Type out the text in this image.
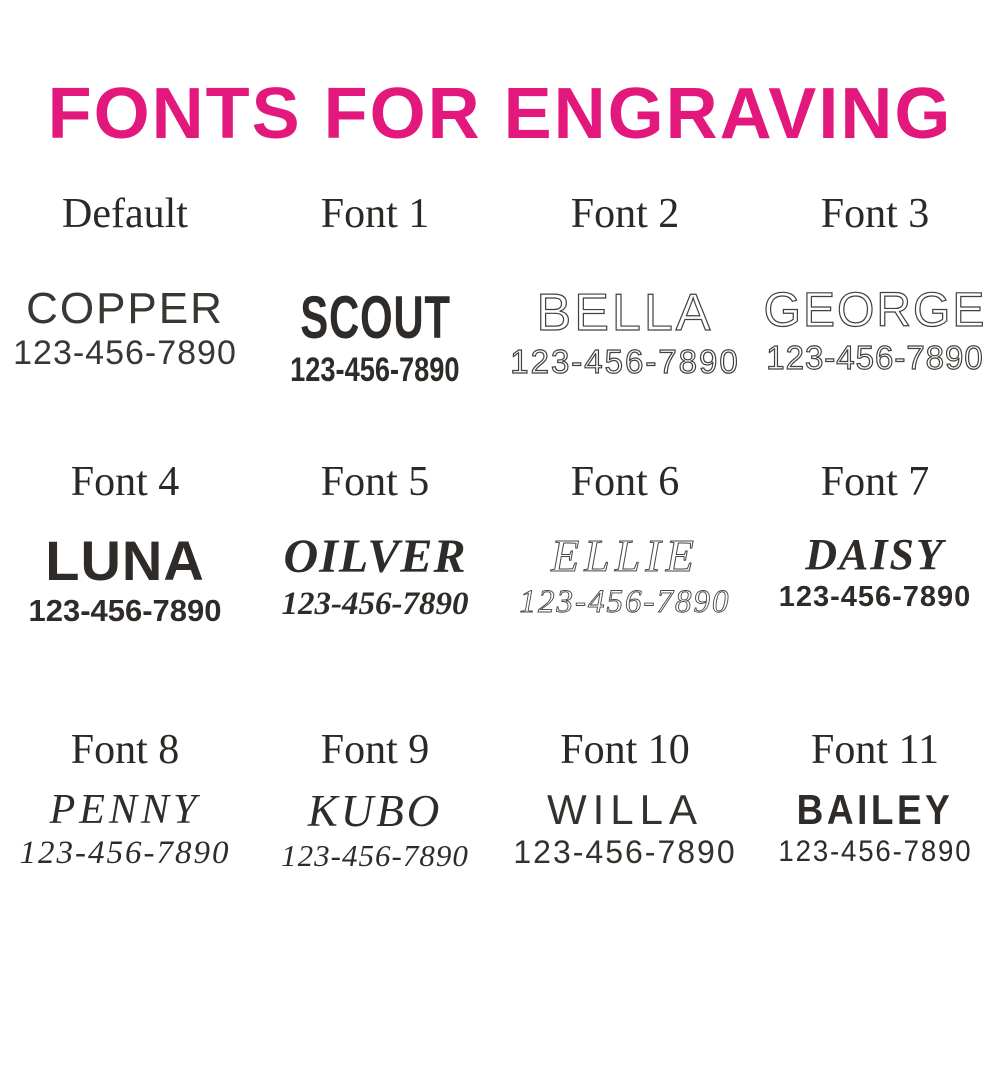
FONTS FOR ENGRAVING
Default
COPPER
123-456-7890
Font 1
SCOUT
123-456-7890
Font 2
BELLA
123-456-7890
Font 3
GEORGE
123-456-7890
Font 4
LUNA
123-456-7890
Font 5
OILVER
123-456-7890
Font 6
ELLIE
123-456-7890
Font 7
DAISY
123-456-7890
Font 8
PENNY
123-456-7890
Font 9
KUBO
123-456-7890
Font 10
WILLA
123-456-7890
Font 11
BAILEY
123-456-7890
